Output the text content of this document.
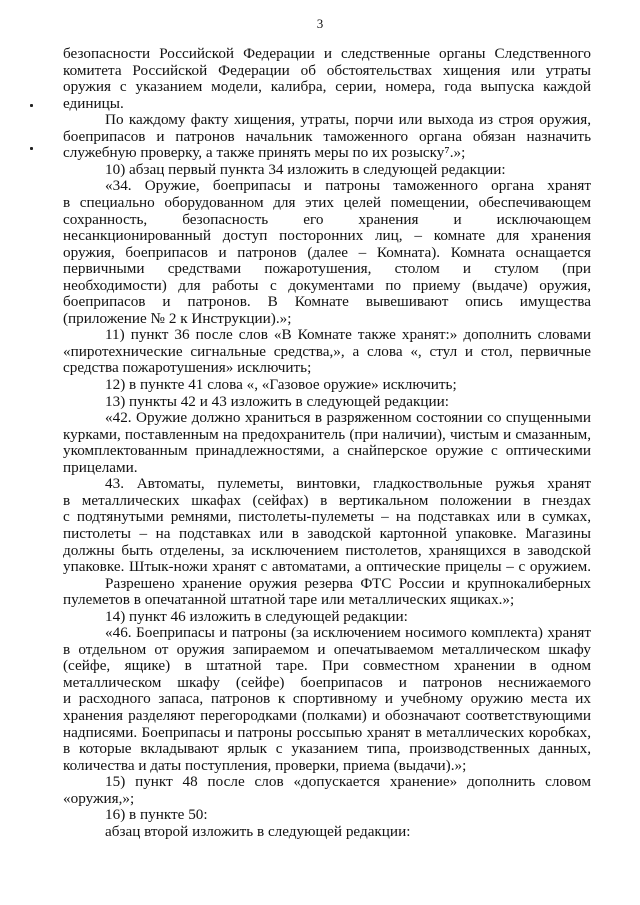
3
безопасности Российской Федерации и следственные органы Следственного
комитета Российской Федерации об обстоятельствах хищения или утраты
оружия с указанием модели, калибра, серии, номера, года выпуска каждой
единицы.
По каждому факту хищения, утраты, порчи или выхода из строя оружия,
боеприпасов и патронов начальник таможенного органа обязан назначить
служебную проверку, а также принять меры по их розыску⁷.»;
10) абзац первый пункта 34 изложить в следующей редакции:
«34. Оружие, боеприпасы и патроны таможенного органа хранят
в специально оборудованном для этих целей помещении, обеспечивающем
сохранность, безопасность его хранения и исключающем
несанкционированный доступ посторонних лиц, – комнате для хранения
оружия, боеприпасов и патронов (далее – Комната). Комната оснащается
первичными средствами пожаротушения, столом и стулом (при
необходимости) для работы с документами по приему (выдаче) оружия,
боеприпасов и патронов. В Комнате вывешивают опись имущества
(приложение № 2 к Инструкции).»;
11) пункт 36 после слов «В Комнате также хранят:» дополнить словами
«пиротехнические сигнальные средства,», а слова «, стул и стол, первичные
средства пожаротушения» исключить;
12) в пункте 41 слова «, «Газовое оружие» исключить;
13) пункты 42 и 43 изложить в следующей редакции:
«42. Оружие должно храниться в разряженном состоянии со спущенными
курками, поставленным на предохранитель (при наличии), чистым и смазанным,
укомплектованным принадлежностями, а снайперское оружие с оптическими
прицелами.
43. Автоматы, пулеметы, винтовки, гладкоствольные ружья хранят
в металлических шкафах (сейфах) в вертикальном положении в гнездах
с подтянутыми ремнями, пистолеты-пулеметы – на подставках или в сумках,
пистолеты – на подставках или в заводской картонной упаковке. Магазины
должны быть отделены, за исключением пистолетов, хранящихся в заводской
упаковке. Штык-ножи хранят с автоматами, а оптические прицелы – с оружием.
Разрешено хранение оружия резерва ФТС России и крупнокалиберных
пулеметов в опечатанной штатной таре или металлических ящиках.»;
14) пункт 46 изложить в следующей редакции:
«46. Боеприпасы и патроны (за исключением носимого комплекта) хранят
в отдельном от оружия запираемом и опечатываемом металлическом шкафу
(сейфе, ящике) в штатной таре. При совместном хранении в одном
металлическом шкафу (сейфе) боеприпасов и патронов неснижаемого
и расходного запаса, патронов к спортивному и учебному оружию места их
хранения разделяют перегородками (полками) и обозначают соответствующими
надписями. Боеприпасы и патроны россыпью хранят в металлических коробках,
в которые вкладывают ярлык с указанием типа, производственных данных,
количества и даты поступления, проверки, приема (выдачи).»;
15) пункт 48 после слов «допускается хранение» дополнить словом
«оружия,»;
16) в пункте 50:
абзац второй изложить в следующей редакции:
